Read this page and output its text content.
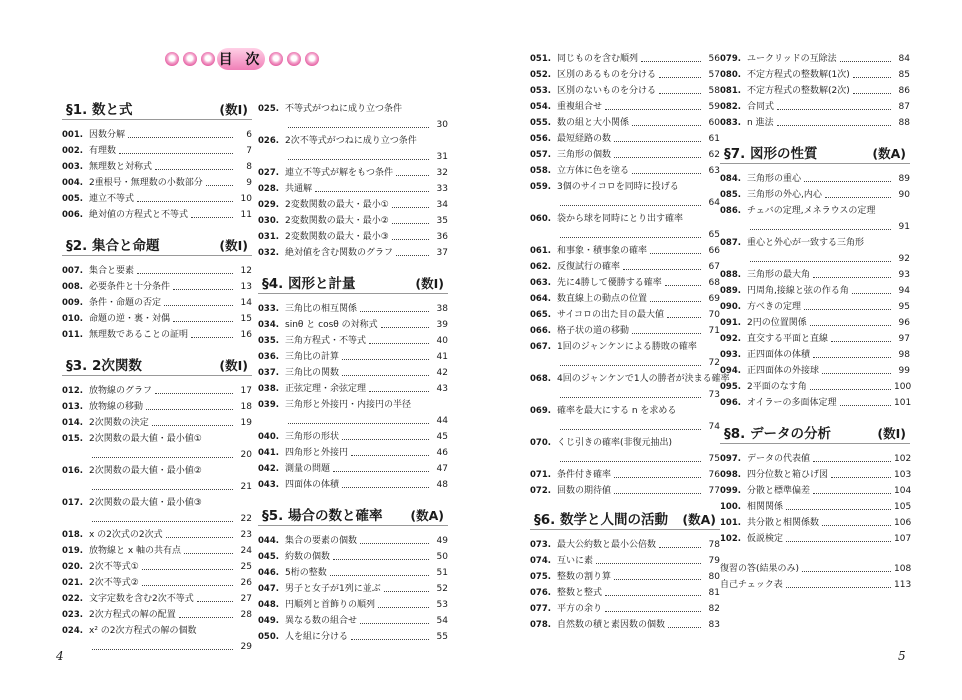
目 次
§1. 数と式	(数Ⅰ)
001. 因数分解	6
002. 有理数	7
003. 無理数と対称式	8
004. 2重根号・無理数の小数部分	9
005. 連立不等式	10
006. 絶対値の方程式と不等式	11
§2. 集合と命題	(数Ⅰ)
007. 集合と要素	12
008. 必要条件と十分条件	13
009. 条件・命題の否定	14
010. 命題の逆・裏・対偶	15
011. 無理数であることの証明	16
§3. 2次関数	(数Ⅰ)
012. 放物線のグラフ	17
013. 放物線の移動	18
014. 2次関数の決定	19
015. 2次関数の最大値・最小値①
20
016. 2次関数の最大値・最小値②
21
017. 2次関数の最大値・最小値③
22
018. x の2次式の2次式	23
019. 放物線と x 軸の共有点	24
020. 2次不等式①	25
021. 2次不等式②	26
022. 文字定数を含む2次不等式	27
023. 2次方程式の解の配置	28
024. x² の2次方程式の解の個数
29
025. 不等式がつねに成り立つ条件
30
026. 2次不等式がつねに成り立つ条件
31
027. 連立不等式が解をもつ条件	32
028. 共通解	33
029. 2変数関数の最大・最小①	34
030. 2変数関数の最大・最小②	35
031. 2変数関数の最大・最小③	36
032. 絶対値を含む関数のグラフ	37
§4. 図形と計量	(数Ⅰ)
033. 三角比の相互関係	38
034. sinθ と cosθ の対称式	39
035. 三角方程式・不等式	40
036. 三角比の計算	41
037. 三角比の関数	42
038. 正弦定理・余弦定理	43
039. 三角形と外接円・内接円の半径
44
040. 三角形の形状	45
041. 四角形と外接円	46
042. 測量の問題	47
043. 四面体の体積	48
§5. 場合の数と確率 (数A)
044. 集合の要素の個数	49
045. 約数の個数	50
046. 5桁の整数	51
047. 男子と女子が1列に並ぶ	52
048. 円順列と首飾りの順列	53
049. 異なる数の組合せ	54
050. 人を組に分ける	55
051. 同じものを含む順列	56
052. 区別のあるものを分ける	57
053. 区別のないものを分ける	58
054. 重複組合せ	59
055. 数の組と大小関係	60
056. 最短経路の数	61
057. 三角形の個数	62
058. 立方体に色を塗る	63
059. 3個のサイコロを同時に投げる
64
060. 袋から球を同時にとり出す確率
65
061. 和事象・積事象の確率	66
062. 反復試行の確率	67
063. 先に4勝して優勝する確率	68
064. 数直線上の動点の位置	69
065. サイコロの出た目の最大値	70
066. 格子状の道の移動	71
067. 1回のジャンケンによる勝敗の確率
72
068. 4回のジャンケンで1人の勝者が決まる確率
73
069. 確率を最大にする n を求める
74
070. くじ引きの確率(非復元抽出)
75
071. 条件付き確率	76
072. 回数の期待値	77
§6. 数学と人間の活動 (数A)
073. 最大公約数と最小公倍数	78
074. 互いに素	79
075. 整数の割り算	80
076. 整数と整式	81
077. 平方の余り	82
078. 自然数の積と素因数の個数	83
079. ユークリッドの互除法	84
080. 不定方程式の整数解(1次)	85
081. 不定方程式の整数解(2次)	86
082. 合同式	87
083. n 進法	88
§7. 図形の性質	(数A)
084. 三角形の重心	89
085. 三角形の外心,内心	90
086. チェバの定理,メネラウスの定理
91
087. 重心と外心が一致する三角形
92
088. 三角形の最大角	93
089. 円周角,接線と弦の作る角	94
090. 方べきの定理	95
091. 2円の位置関係	96
092. 直交する平面と直線	97
093. 正四面体の体積	98
094. 正四面体の外接球	99
095. 2平面のなす角	100
096. オイラーの多面体定理	101
§8. データの分析	(数Ⅰ)
097. データの代表値	102
098. 四分位数と箱ひげ図	103
099. 分散と標準偏差	104
100. 相関関係	105
101. 共分散と相関係数	106
102. 仮説検定	107
復習の答(結果のみ)	108
自己チェック表	113
4	5
